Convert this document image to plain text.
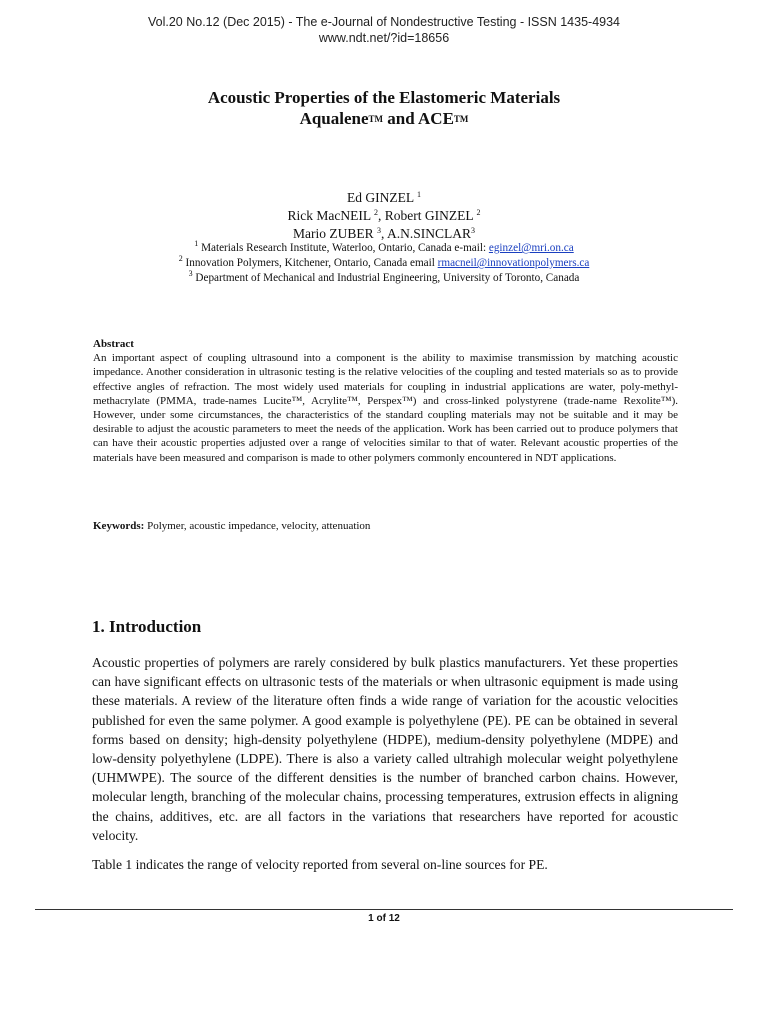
Vol.20 No.12 (Dec 2015) - The e-Journal of Nondestructive Testing - ISSN 1435-4934
www.ndt.net/?id=18656
Acoustic Properties of the Elastomeric Materials
AqualeneTM and ACETM
Ed GINZEL $^1$
Rick MacNEIL $^2$, Robert GINZEL $^2$
Mario ZUBER $^3$, A.N.SINCLAR$^3$
$^1$ Materials Research Institute, Waterloo, Ontario, Canada e-mail: eginzel@mri.on.ca
$^2$ Innovation Polymers, Kitchener, Ontario, Canada email rmacneil@innovationpolymers.ca
$^3$ Department of Mechanical and Industrial Engineering, University of Toronto, Canada

Abstract

An important aspect of coupling ultrasound into a component is the ability to maximise transmission by matching acoustic impedance. Another consideration in ultrasonic testing is the relative velocities of the coupling and tested materials so as to provide effective angles of refraction. The most widely used materials for coupling in industrial applications are water, poly-methyl-methacrylate (PMMA, trade-names Lucite™, Acrylite™, Perspex™) and cross-linked polystyrene (trade-name Rexolite™). However, under some circumstances, the characteristics of the standard coupling materials may not be suitable and it may be desirable to adjust the acoustic parameters to meet the needs of the application. Work has been carried out to produce polymers that can have their acoustic properties adjusted over a range of velocities similar to that of water. Relevant acoustic properties of the materials have been measured and comparison is made to other polymers commonly encountered in NDT applications.

Keywords: Polymer, acoustic impedance, velocity, attenuation
1. Introduction

Acoustic properties of polymers are rarely considered by bulk plastics manufacturers. Yet these properties can have significant effects on ultrasonic tests of the materials or when ultrasonic equipment is made using these materials. A review of the literature often finds a wide range of variation for the acoustic velocities published for even the same polymer. A good example is polyethylene (PE). PE can be obtained in several forms based on density; high-density polyethylene (HDPE), medium-density polyethylene (MDPE) and low-density polyethylene (LDPE). There is also a variety called ultrahigh molecular weight polyethylene (UHMWPE). The source of the different densities is the number of branched carbon chains. However, molecular length, branching of the molecular chains, processing temperatures, extrusion effects in aligning the chains, additives, etc. are all factors in the variations that researchers have reported for acoustic velocity.

Table 1 indicates the range of velocity reported from several on-line sources for PE.

1 of 12
